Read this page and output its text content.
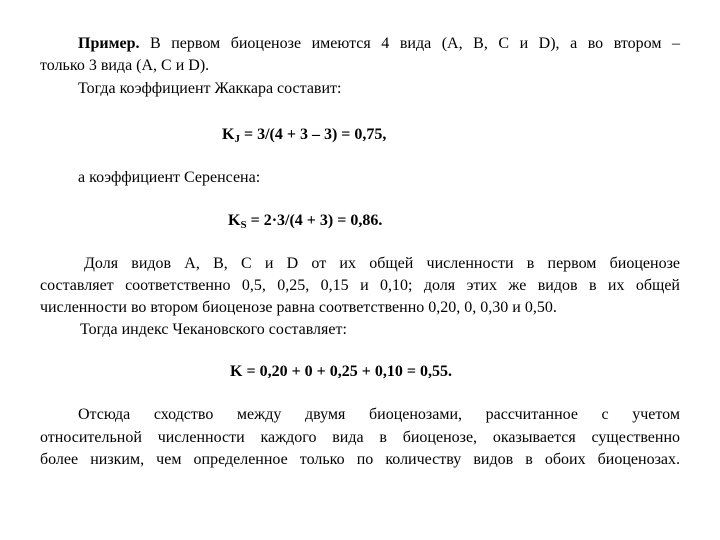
Пример. В первом биоценозе имеются 4 вида (A, B, C и D), а во втором –
только 3 вида (A, C и D).
Тогда коэффициент Жаккара составит:
$K_J = 3/(4 + 3 - 3) = 0,75$,
а коэффициент Серенсена:
$K_S = 2\cdot 3/(4 + 3) = 0,86$.
Доля видов A, B, C и D от их общей численности в первом биоценозе
составляет соответственно 0,5, 0,25, 0,15 и 0,10; доля этих же видов в их общей
численности во втором биоценозе равна соответственно 0,20, 0, 0,30 и 0,50.
Тогда индекс Чекановского составляет:
K = 0,20 + 0 + 0,25 + 0,10 = 0,55.
Отсюда сходство между двумя биоценозами, рассчитанное с учетом
относительной численности каждого вида в биоценозе, оказывается существенно
более низким, чем определенное только по количеству видов в обоих биоценозах.
